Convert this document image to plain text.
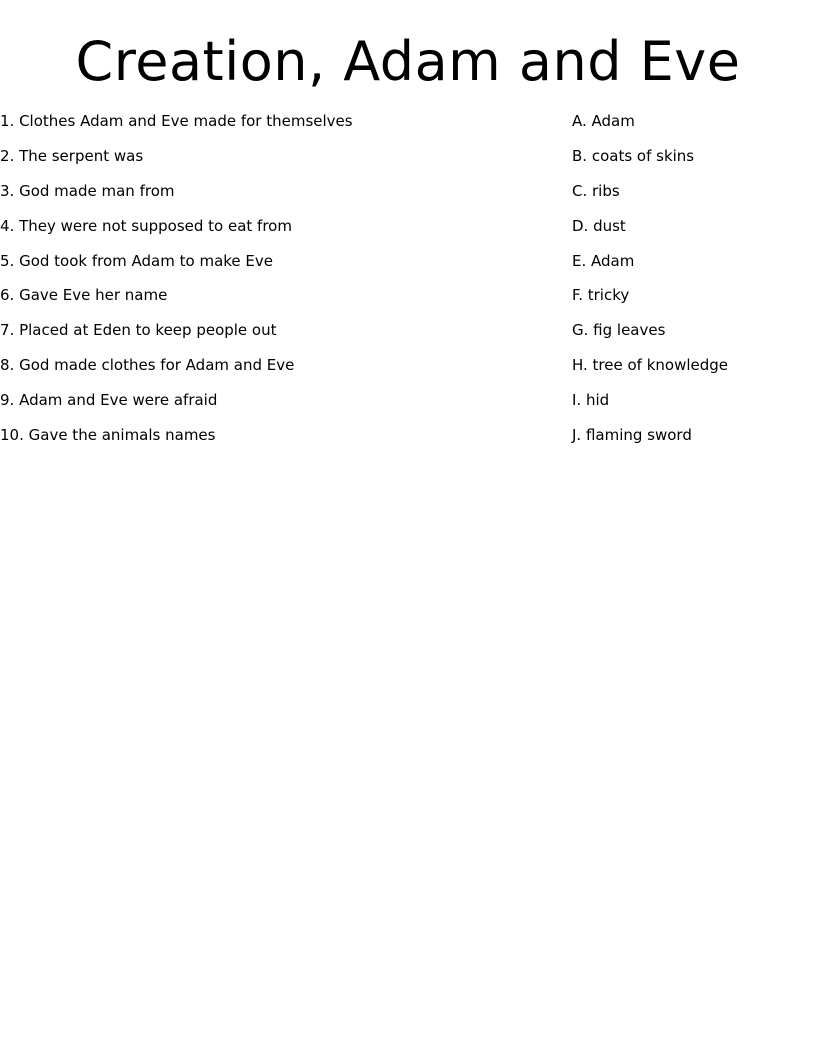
Creation, Adam and Eve
1. Clothes Adam and Eve made for themselves	A. Adam
2. The serpent was	B. coats of skins
3. God made man from	C. ribs
4. They were not supposed to eat from	D. dust
5. God took from Adam to make Eve	E. Adam
6. Gave Eve her name	F. tricky
7. Placed at Eden to keep people out	G. fig leaves
8. God made clothes for Adam and Eve	H. tree of knowledge
9. Adam and Eve were afraid	I. hid
10. Gave the animals names	J. flaming sword
